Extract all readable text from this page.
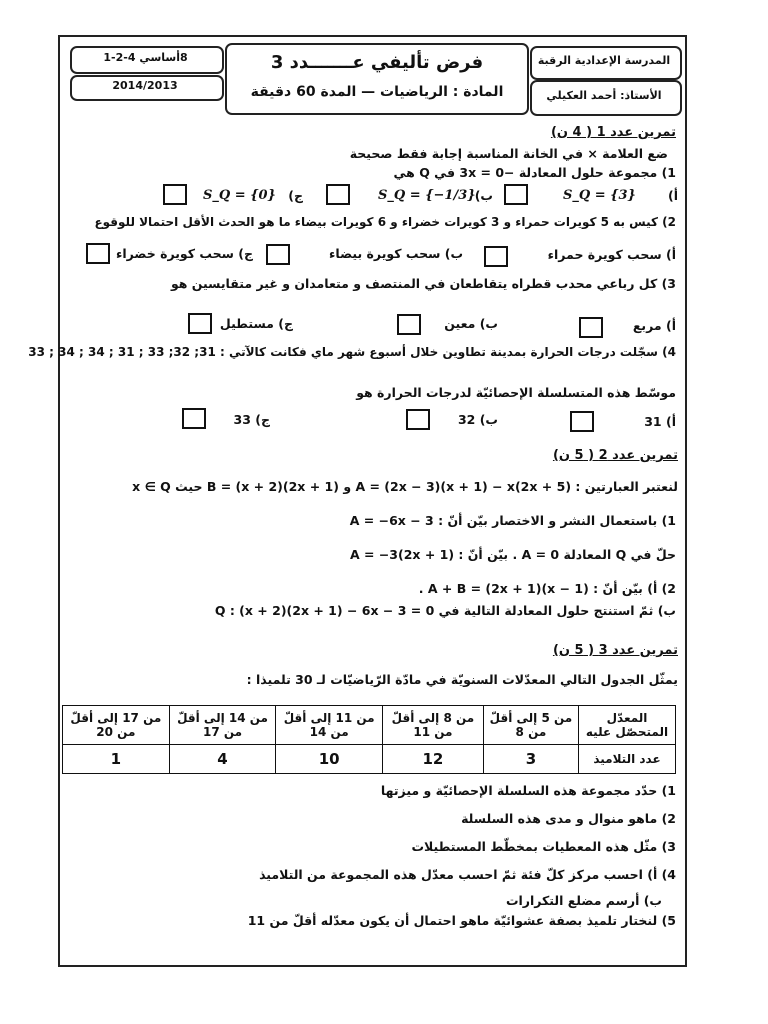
8أساسي 4-2-1
2014/2013
فرض تأليفي عـــــــدد 3
المادة : الرياضيات — المدة 60 دقيقة
المدرسة الإعدادية الرقبة
الأستاذ: أحمد العكيلي
تمرين عدد 1 ( 4 ن)
ضع العلامة × في الخانة المناسبة إجابة فقط صحيحة
1) مجموعة حلول المعادلة −3x = 0 في Q هي
أ)
S_Q = {3}
ب)
S_Q = {−1/3}
ج)
S_Q = {0}
2) كيس به 5 كويرات حمراء و 3 كويرات خضراء و 6 كويرات بيضاء ما هو الحدث الأقل احتمالا للوقوع
أ) سحب كويرة حمراء
ب) سحب كويرة بيضاء
ج) سحب كويرة خضراء
3) كل رباعي محدب قطراه يتقاطعان في المنتصف و متعامدان و غير متقايسين هو
أ) مربع
ب) معين
ج) مستطيل
4) سجّلت درجات الحرارة بمدينة تطاوين خلال أسبوع شهر ماي فكانت كالآتي : 31; 32; 33 ; 31 ; 34 ; 34 ; 33
موسّط هذه المتسلسلة الإحصائيّة لدرجات الحرارة هو
أ) 31
ب) 32
ج) 33
تمرين عدد 2 ( 5 ن)
لنعتبر العبارتين : A = (2x − 3)(x + 1) − x(2x + 5) و B = (x + 2)(2x + 1) حيث x ∈ Q
1) باستعمال النشر و الاختصار بيّن أنّ : A = −6x − 3
حلّ في Q المعادلة A = 0 . بيّن أنّ : A = −3(2x + 1)
2) أ) بيّن أنّ : A + B = (2x + 1)(x − 1) .
ب) ثمّ استنتج حلول المعادلة التالية في Q : (x + 2)(2x + 1) − 6x − 3 = 0
تمرين عدد 3 ( 5 ن)
يمثّل الجدول التالي المعدّلات السنويّة في مادّة الرّياضيّات لـ 30 تلميذا :
المعدّل المتحصّل عليه	من 5 إلى أقلّ من 8	من 8 إلى أقلّ من 11	من 11 إلى أقلّ من 14	من 14 إلى أقلّ من 17	من 17 إلى أقلّ من 20
عدد التلاميذ	3	12	10	4	1
1) حدّد مجموعة هذه السلسلة الإحصائيّة و ميزتها
2) ماهو منوال و مدى هذه السلسلة
3) مثّل هذه المعطيات بمخطّط المستطيلات
4) أ) احسب مركز كلّ فئة ثمّ احسب معدّل هذه المجموعة من التلاميذ
ب) أرسم مضلع التكرارات
5) لنختار تلميذ بصفة عشوائيّة ماهو احتمال أن يكون معدّله أقلّ من 11
